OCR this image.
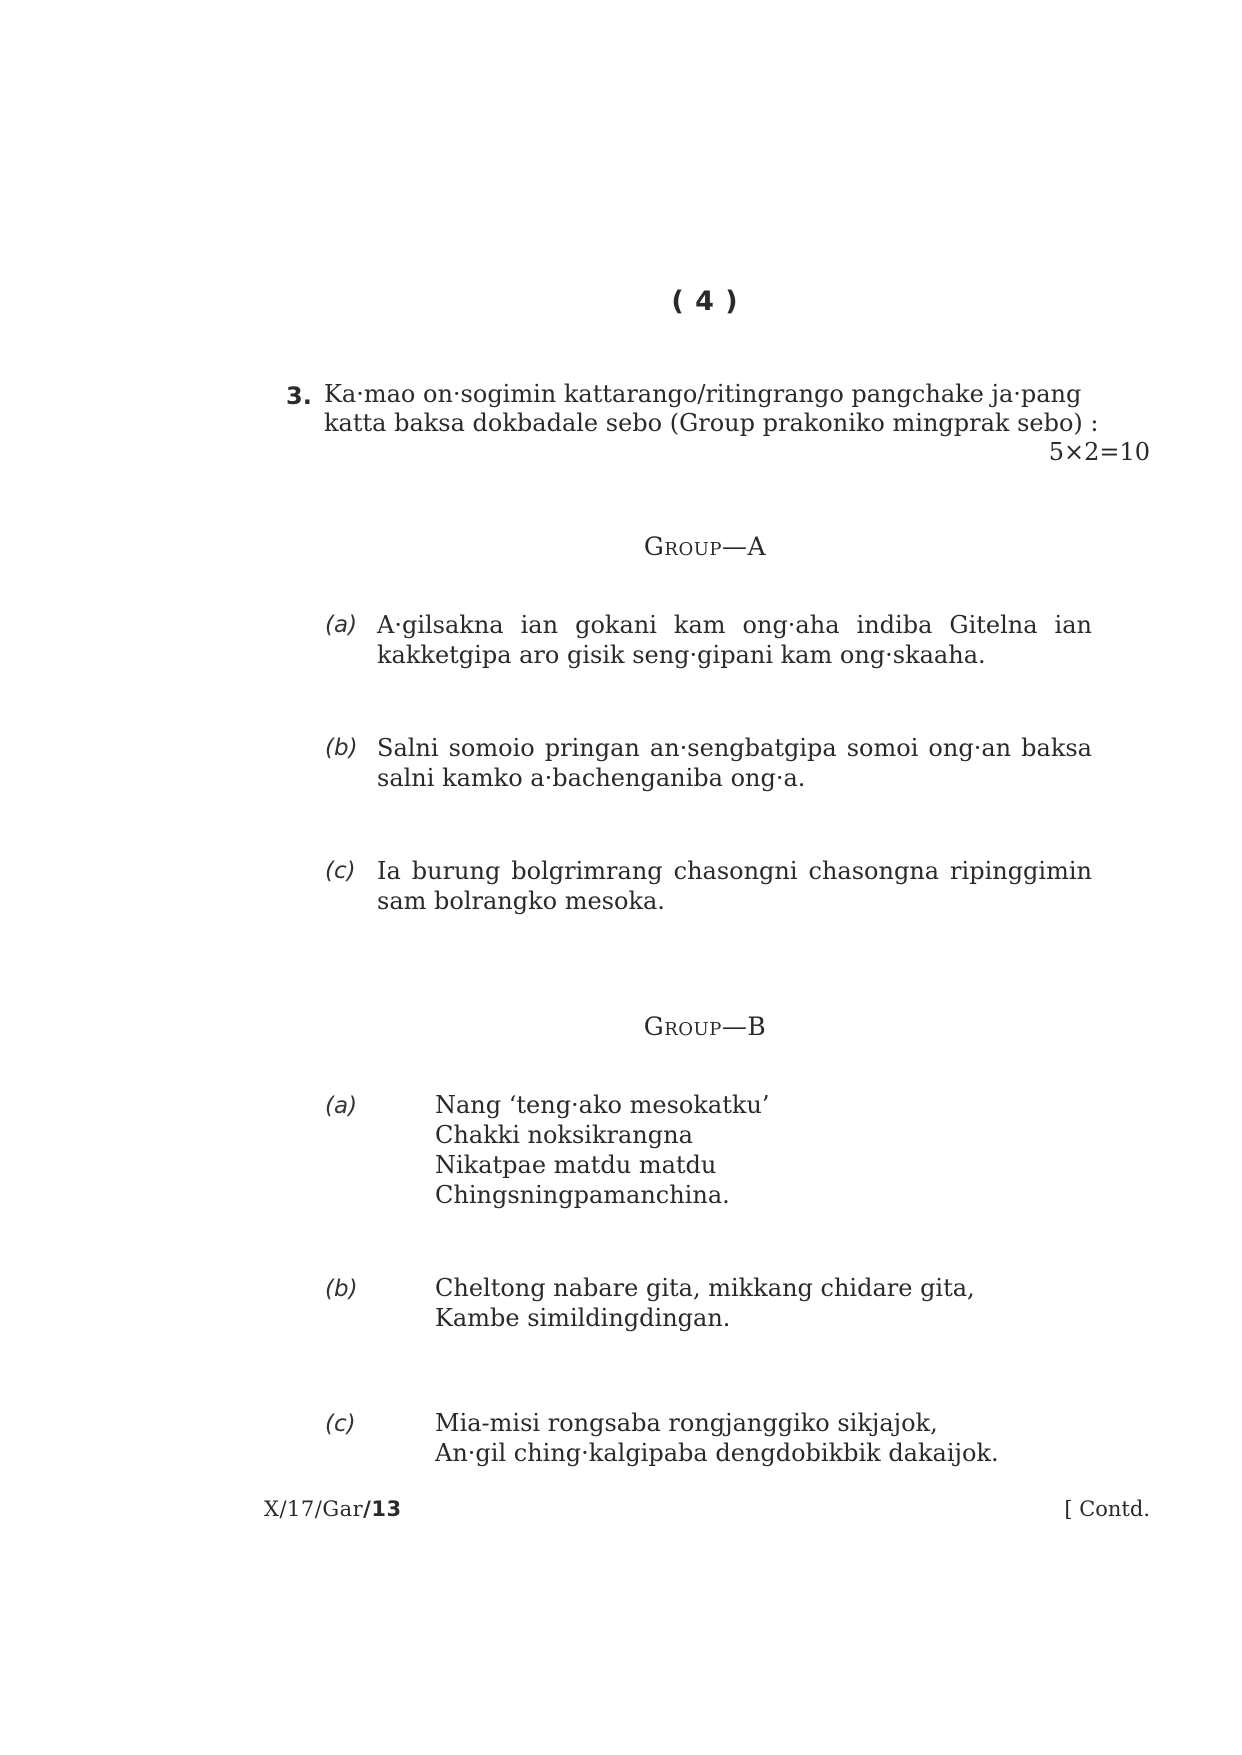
( 4 )
3. Ka·mao on·sogimin kattarango/ritingrango pangchake ja·pang
katta baksa dokbadale sebo (Group prakoniko mingprak sebo) :
5×2=10
Group—A
(a) A·gilsakna ian gokani kam ong·aha indiba Gitelna ian
kakketgipa aro gisik seng·gipani kam ong·skaaha.
(b) Salni somoio pringan an·sengbatgipa somoi ong·an baksa
salni kamko a·bachenganiba ong·a.
(c) Ia burung bolgrimrang chasongni chasongna ripinggimin
sam bolrangko mesoka.
Group—B
(a)	Nang ‘teng·ako mesokatku’
Chakki noksikrangna
Nikatpae matdu matdu
Chingsningpamanchina.
(b)	Cheltong nabare gita, mikkang chidare gita,
Kambe simildingdingan.
(c)	Mia-misi rongsaba rongjanggiko sikjajok,
An·gil ching·kalgipaba dengdobikbik dakaijok.
X/17/Gar/13	[ Contd.
